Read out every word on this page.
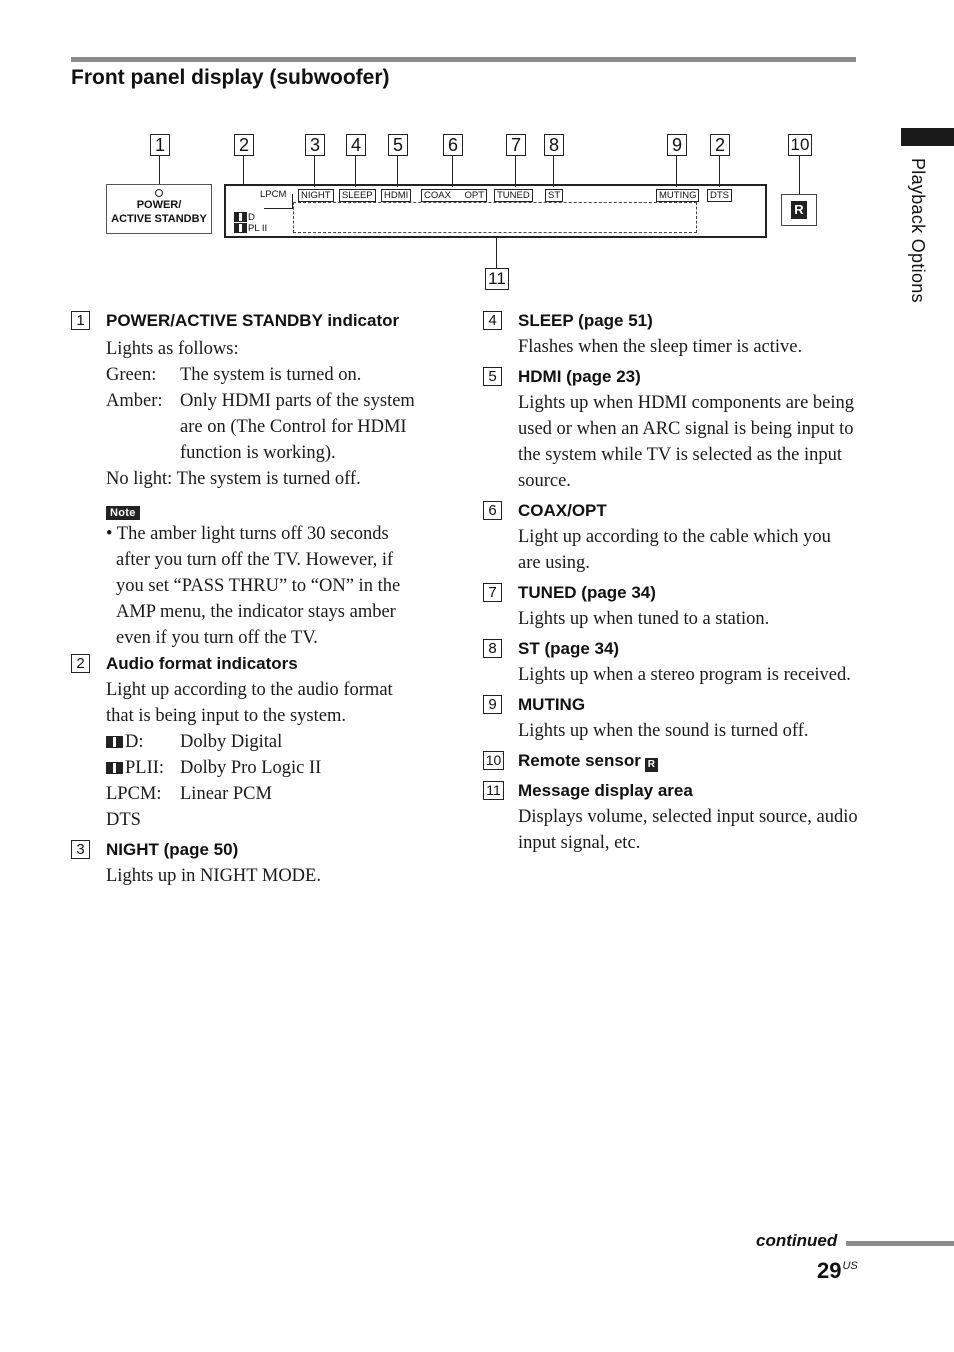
Front panel display (subwoofer)
Playback Options
1	2	3 4 5 6	7 8	9 2	10
11
POWER/
ACTIVE STANDBY
LPCM	NIGHT	SLEEP	HDMI	COAX OPT	TUNED	ST	MUTING	DTS
D
PL II
R
1	POWER/ACTIVE STANDBY indicator

Lights as follows:

Green:	The system is turned on.
Amber: Only HDMI parts of the system are on (The Control for HDMI function is working).

No light: The system is turned off.

Note

• The amber light turns off 30 seconds after you turn off the TV. However, if you set “PASS THRU” to “ON” in the AMP menu, the indicator stays amber even if you turn off the TV.

2	Audio format indicators

Light up according to the audio format that is being input to the system.

D:	Dolby Digital
PLII: Dolby Pro Logic II
LPCM: Linear PCM
DTS
3	NIGHT (page 50)

Lights up in NIGHT MODE.

4	SLEEP (page 51)

Flashes when the sleep timer is active.

5	HDMI (page 23)

Lights up when HDMI components are being used or when an ARC signal is being input to the system while TV is selected as the input source.

6	COAX/OPT

Light up according to the cable which you are using.

7	TUNED (page 34)

Lights up when tuned to a station.

8	ST (page 34)

Lights up when a stereo program is received.

9	MUTING

Lights up when the sound is turned off.

10 Remote sensor R
11 Message display area

Displays volume, selected input source, audio input signal, etc.

continued
$29^{US}$
